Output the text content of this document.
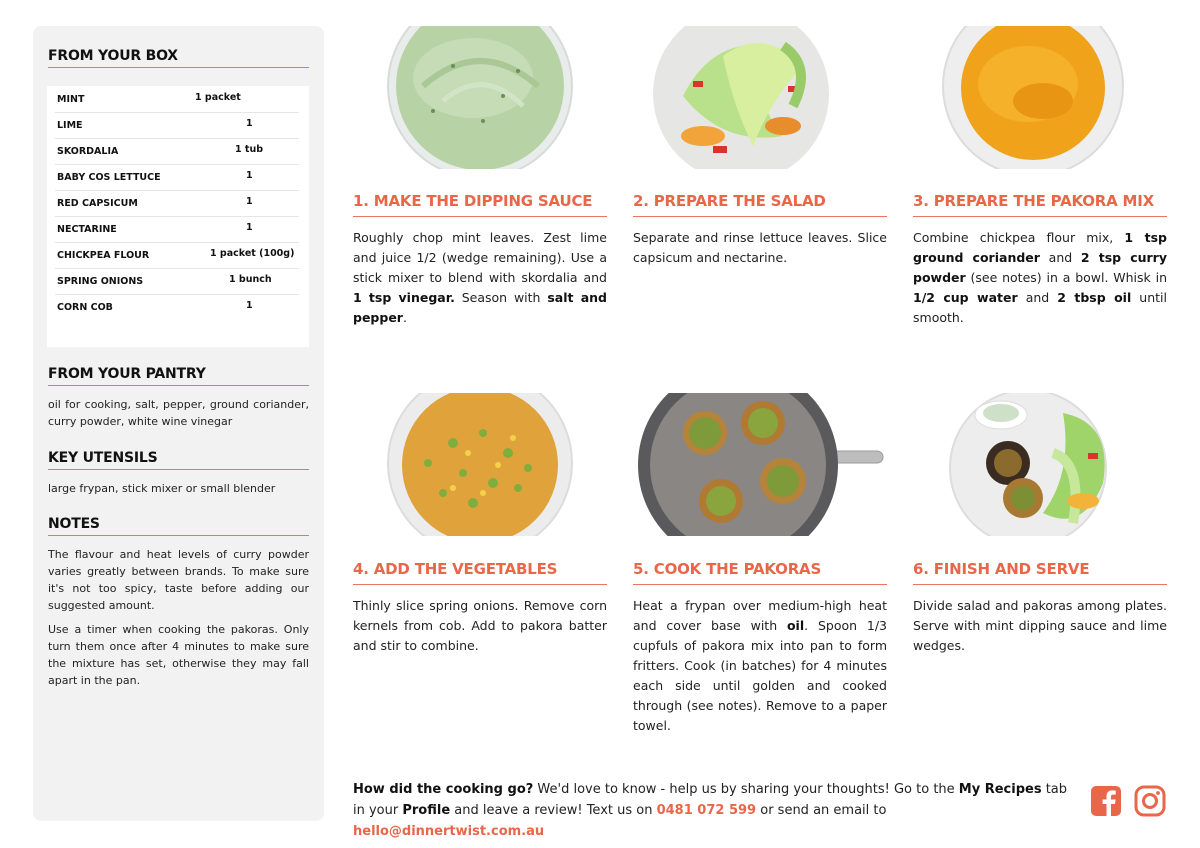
FROM YOUR BOX
MINT	1 packet
LIME	1
SKORDALIA	1 tub
BABY COS LETTUCE	1
RED CAPSICUM	1
NECTARINE	1
CHICKPEA FLOUR	1 packet (100g)
SPRING ONIONS	1 bunch
CORN COB	1
FROM YOUR PANTRY
oil for cooking, salt, pepper, ground coriander, curry powder, white wine vinegar
KEY UTENSILS
large frypan, stick mixer or small blender
NOTES
The flavour and heat levels of curry powder varies greatly between brands. To make sure it's not too spicy, taste before adding our suggested amount.
Use a timer when cooking the pakoras. Only turn them once after 4 minutes to make sure the mixture has set, otherwise they may fall apart in the pan.
1. MAKE THE DIPPING SAUCE	2. PREPARE THE SALAD	3. PREPARE THE PAKORA MIX
4. ADD THE VEGETABLES	5. COOK THE PAKORAS	6. FINISH AND SERVE
Roughly chop mint leaves. Zest lime and juice 1/2 (wedge remaining). Use a stick mixer to blend with skordalia and 1 tsp vinegar. Season with salt and pepper.
Separate and rinse lettuce leaves. Slice capsicum and nectarine.
Combine chickpea flour mix, 1 tsp ground coriander and 2 tsp curry powder (see notes) in a bowl. Whisk in 1/2 cup water and 2 tbsp oil until smooth.
Thinly slice spring onions. Remove corn kernels from cob. Add to pakora batter and stir to combine.
Heat a frypan over medium-high heat and cover base with oil. Spoon 1/3 cupfuls of pakora mix into pan to form fritters. Cook (in batches) for 4 minutes each side until golden and cooked through (see notes). Remove to a paper towel.
Divide salad and pakoras among plates. Serve with mint dipping sauce and lime wedges.
How did the cooking go? We'd love to know - help us by sharing your thoughts! Go to the My Recipes tab in your Profile and leave a review! Text us on 0481 072 599 or send an email to hello@dinnertwist.com.au
